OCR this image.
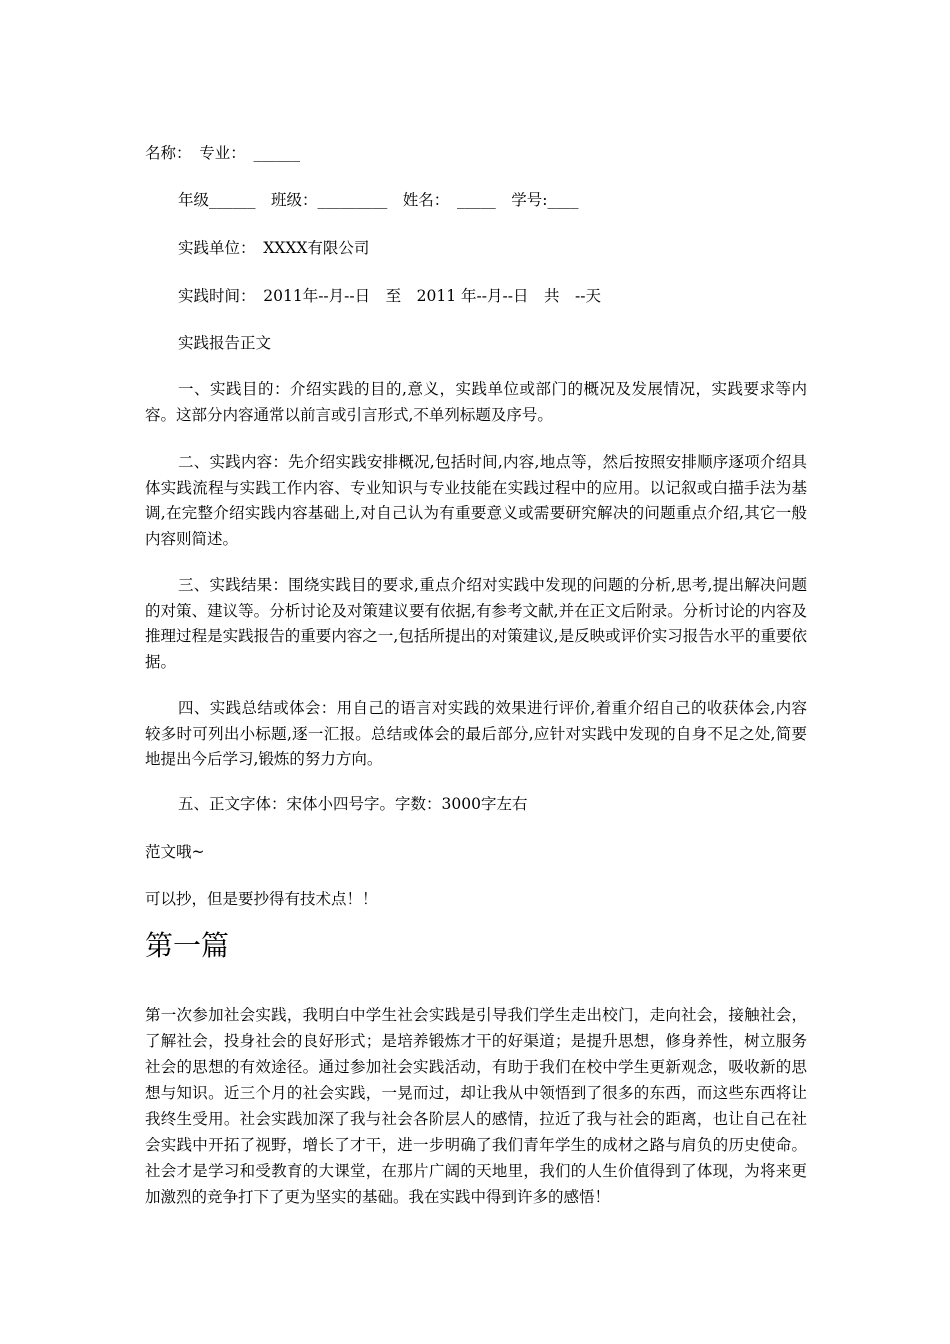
名称：　专业：　______
年级______　班级：_________　姓名：　_____　学号:____
实践单位：　XXXX有限公司
实践时间：　2011年--月--日　至　2011 年--月--日　共　--天
实践报告正文
一、实践目的：介绍实践的目的,意义，实践单位或部门的概况及发展情况，实践要求等内容。这部分内容通常以前言或引言形式,不单列标题及序号。
二、实践内容：先介绍实践安排概况,包括时间,内容,地点等，然后按照安排顺序逐项介绍具体实践流程与实践工作内容、专业知识与专业技能在实践过程中的应用。以记叙或白描手法为基调,在完整介绍实践内容基础上,对自己认为有重要意义或需要研究解决的问题重点介绍,其它一般内容则简述。
三、实践结果：围绕实践目的要求,重点介绍对实践中发现的问题的分析,思考,提出解决问题的对策、建议等。分析讨论及对策建议要有依据,有参考文献,并在正文后附录。分析讨论的内容及推理过程是实践报告的重要内容之一,包括所提出的对策建议,是反映或评价实习报告水平的重要依据。
四、实践总结或体会：用自己的语言对实践的效果进行评价,着重介绍自己的收获体会,内容较多时可列出小标题,逐一汇报。总结或体会的最后部分,应针对实践中发现的自身不足之处,简要地提出今后学习,锻炼的努力方向。
五、正文字体：宋体小四号字。字数：3000字左右
范文哦~
可以抄，但是要抄得有技术点！！
第一篇
第一次参加社会实践，我明白中学生社会实践是引导我们学生走出校门，走向社会，接触社会，了解社会，投身社会的良好形式；是培养锻炼才干的好渠道；是提升思想，修身养性，树立服务社会的思想的有效途径。通过参加社会实践活动，有助于我们在校中学生更新观念，吸收新的思想与知识。近三个月的社会实践，一晃而过，却让我从中领悟到了很多的东西，而这些东西将让我终生受用。社会实践加深了我与社会各阶层人的感情，拉近了我与社会的距离，也让自己在社会实践中开拓了视野，增长了才干，进一步明确了我们青年学生的成材之路与肩负的历史使命。社会才是学习和受教育的大课堂，在那片广阔的天地里，我们的人生价值得到了体现，为将来更加激烈的竞争打下了更为坚实的基础。我在实践中得到许多的感悟！
